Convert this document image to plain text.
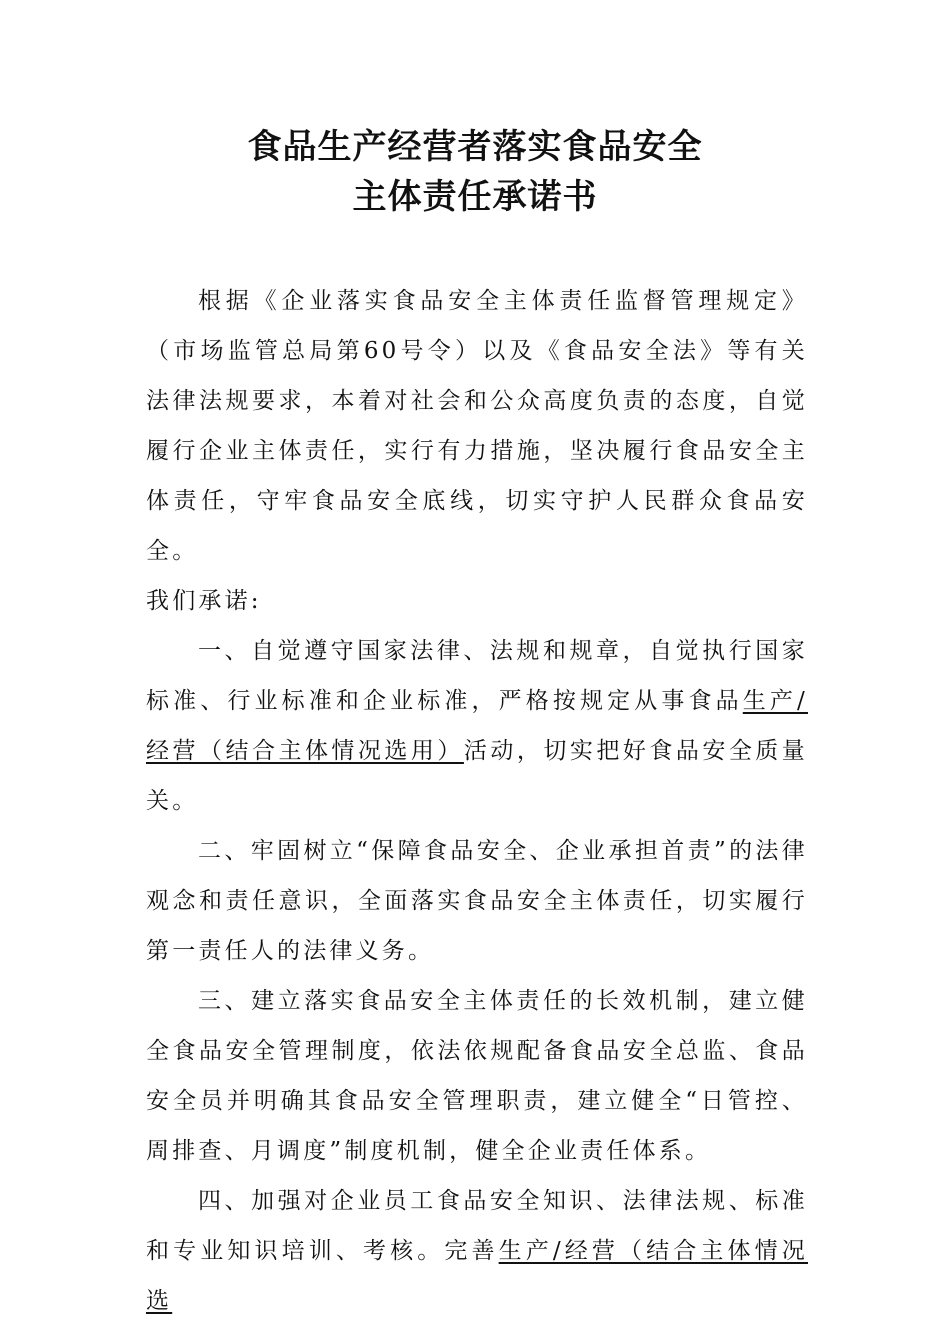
食品生产经营者落实食品安全
主体责任承诺书

根据《企业落实食品安全主体责任监督管理规定》（市场监管总局第60号令）以及《食品安全法》等有关法律法规要求，本着对社会和公众高度负责的态度，自觉履行企业主体责任，实行有力措施，坚决履行食品安全主体责任，守牢食品安全底线，切实守护人民群众食品安全。

我们承诺:

一、自觉遵守国家法律、法规和规章，自觉执行国家标准、行业标准和企业标准，严格按规定从事食品生产/经营（结合主体情况选用）活动，切实把好食品安全质量关。

二、牢固树立“保障食品安全、企业承担首责”的法律观念和责任意识，全面落实食品安全主体责任，切实履行第一责任人的法律义务。

三、建立落实食品安全主体责任的长效机制，建立健全食品安全管理制度，依法依规配备食品安全总监、食品安全员并明确其食品安全管理职责，建立健全“日管控、周排查、月调度”制度机制，健全企业责任体系。

四、加强对企业员工食品安全知识、法律法规、标准和专业知识培训、考核。完善生产/经营（结合主体情况选
